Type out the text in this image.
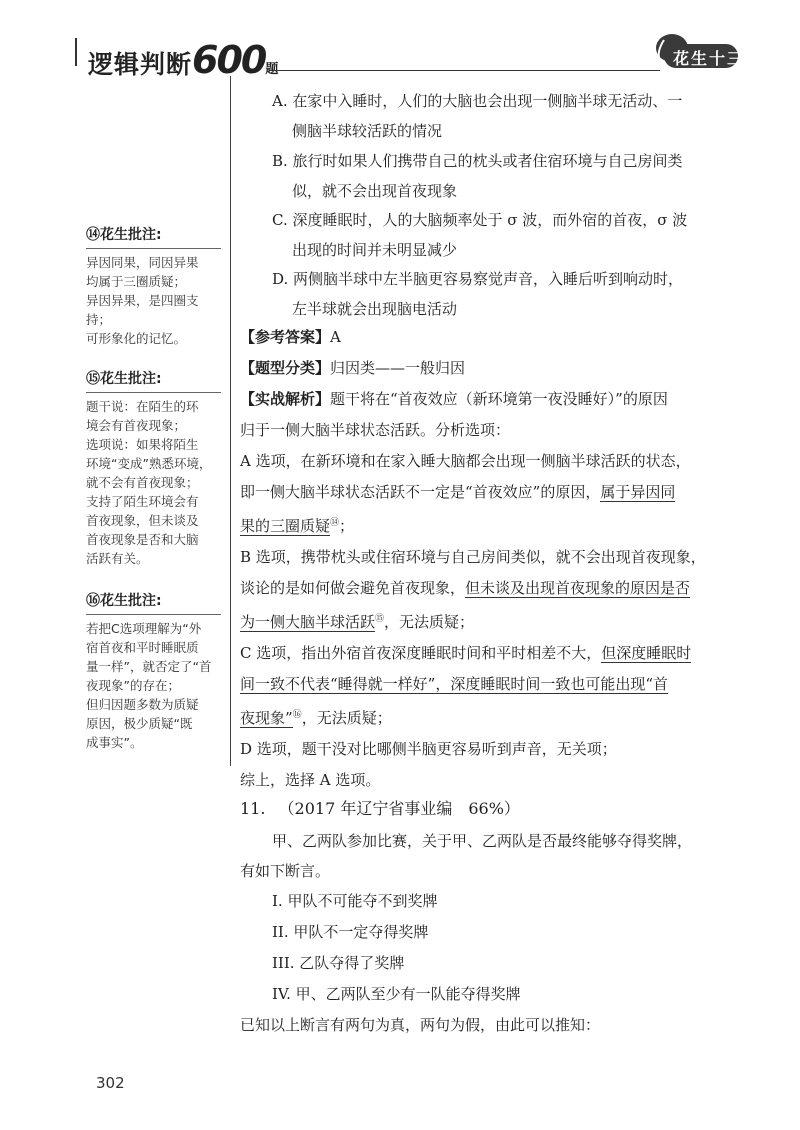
逻辑判断600题
花生十三
⑭花生批注:

异因同果，同因异果

均属于三圈质疑；

异因异果，是四圈支

持；

可形象化的记忆。

⑮花生批注:

题干说：在陌生的环

境会有首夜现象；

选项说：如果将陌生

环境“变成”熟悉环境，

就不会有首夜现象；

支持了陌生环境会有

首夜现象，但未谈及

首夜现象是否和大脑

活跃有关。

⑯花生批注:

若把C选项理解为“外

宿首夜和平时睡眠质

量一样”，就否定了“首

夜现象”的存在；

但归因题多数为质疑

原因，极少质疑“既

成事实”。

A. 在家中入睡时，人们的大脑也会出现一侧脑半球无活动、一
侧脑半球较活跃的情况
B. 旅行时如果人们携带自己的枕头或者住宿环境与自己房间类
似，就不会出现首夜现象
C. 深度睡眠时，人的大脑频率处于 σ 波，而外宿的首夜，σ 波
出现的时间并未明显减少
D. 两侧脑半球中左半脑更容易察觉声音，入睡后听到响动时，
左半球就会出现脑电活动
【参考答案】A
【题型分类】归因类——一般归因
【实战解析】题干将在“首夜效应（新环境第一夜没睡好）”的原因
归于一侧大脑半球状态活跃。分析选项：
A 选项，在新环境和在家入睡大脑都会出现一侧脑半球活跃的状态，
即一侧大脑半球状态活跃不一定是“首夜效应”的原因，属于异因同
果的三圈质疑⑭；
B 选项，携带枕头或住宿环境与自己房间类似，就不会出现首夜现象，
谈论的是如何做会避免首夜现象，但未谈及出现首夜现象的原因是否
为一侧大脑半球活跃⑮，无法质疑；
C 选项，指出外宿首夜深度睡眠时间和平时相差不大，但深度睡眠时
间一致不代表“睡得就一样好”，深度睡眠时间一致也可能出现“首
夜现象”⑯，无法质疑；
D 选项，题干没对比哪侧半脑更容易听到声音，无关项；
综上，选择 A 选项。
11. （2017 年辽宁省事业编　66%）
甲、乙两队参加比赛，关于甲、乙两队是否最终能够夺得奖牌，
有如下断言。
I. 甲队不可能夺不到奖牌
II. 甲队不一定夺得奖牌
III. 乙队夺得了奖牌
IV. 甲、乙两队至少有一队能夺得奖牌
已知以上断言有两句为真，两句为假，由此可以推知：
302
